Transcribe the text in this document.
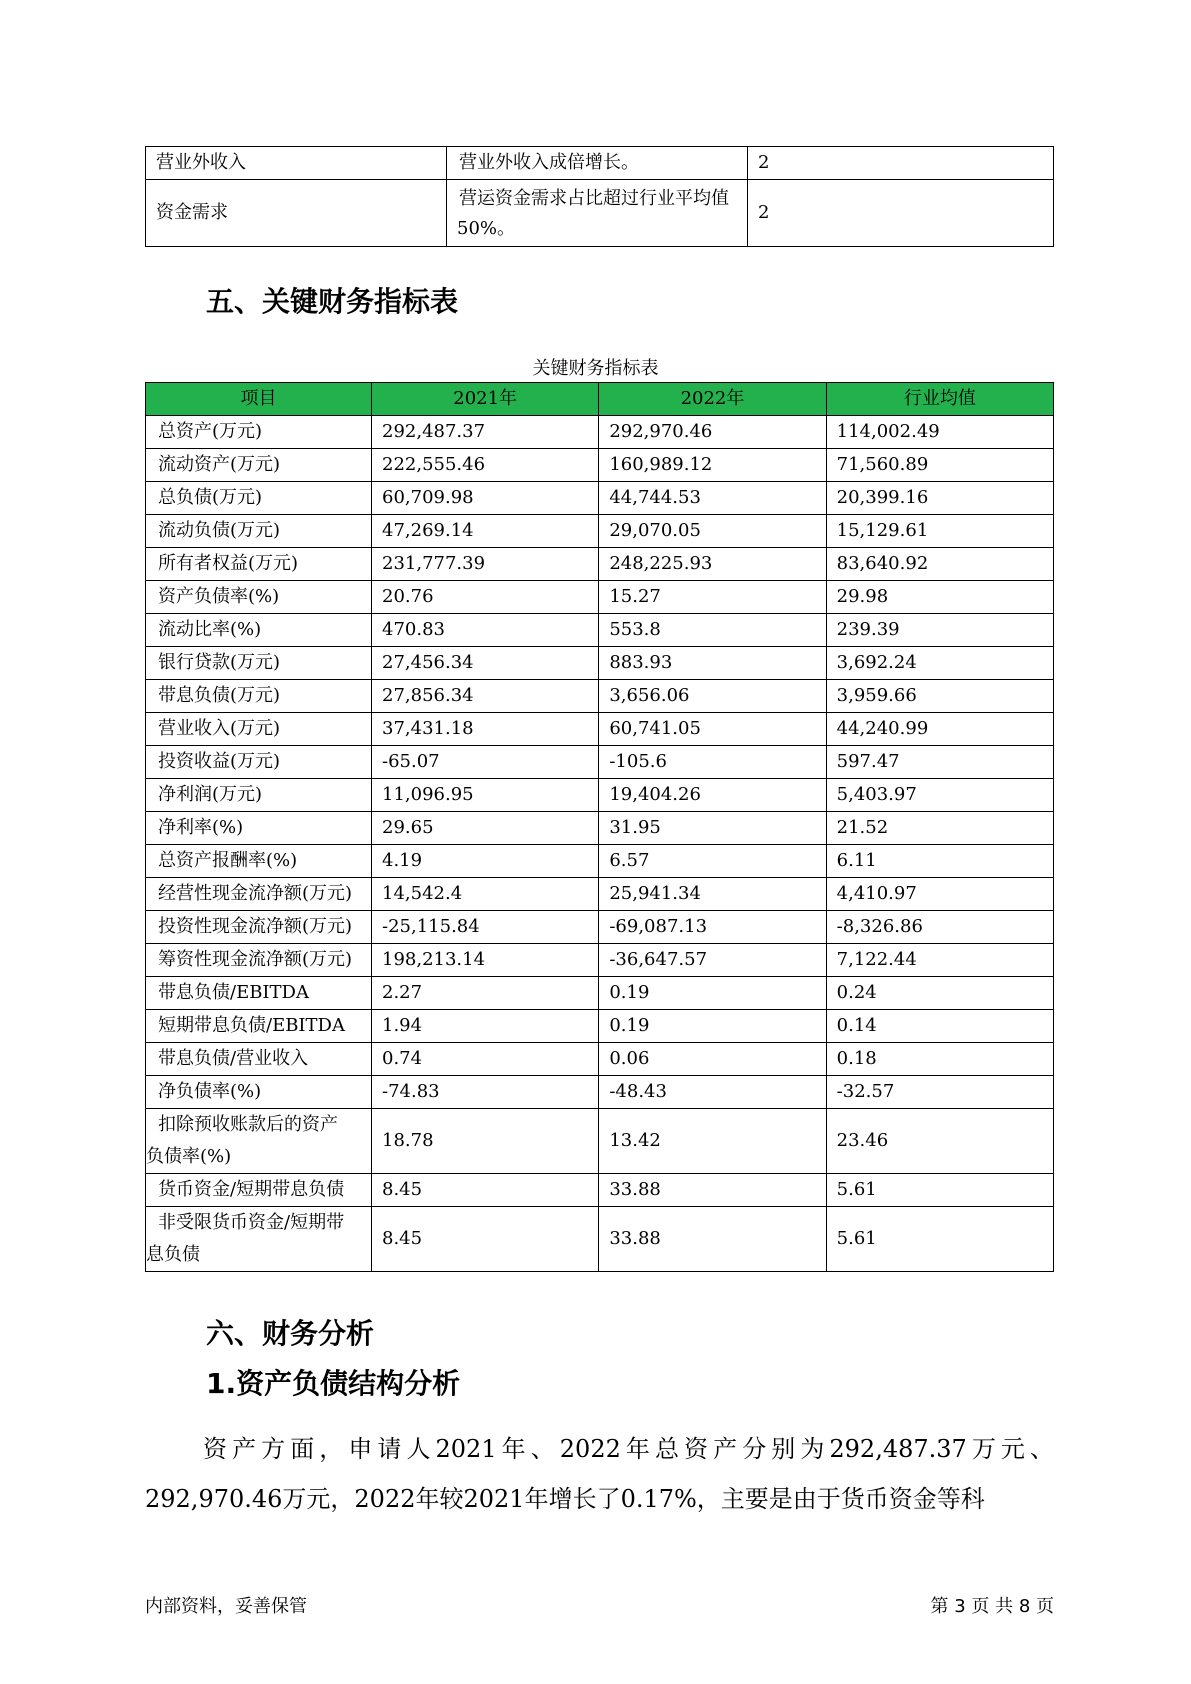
营业外收入	营业外收入成倍增长。	2
资金需求	营运资金需求占比超过行业平均值50%。	2
五、关键财务指标表
关键财务指标表
项目	2021年	2022年	行业均值
总资产(万元)	292,487.37	292,970.46	114,002.49
流动资产(万元)	222,555.46	160,989.12	71,560.89
总负债(万元)	60,709.98	44,744.53	20,399.16
流动负债(万元)	47,269.14	29,070.05	15,129.61
所有者权益(万元)	231,777.39	248,225.93	83,640.92
资产负债率(%)	20.76	15.27	29.98
流动比率(%)	470.83	553.8	239.39
银行贷款(万元)	27,456.34	883.93	3,692.24
带息负债(万元)	27,856.34	3,656.06	3,959.66
营业收入(万元)	37,431.18	60,741.05	44,240.99
投资收益(万元)	-65.07	-105.6	597.47
净利润(万元)	11,096.95	19,404.26	5,403.97
净利率(%)	29.65	31.95	21.52
总资产报酬率(%)	4.19	6.57	6.11
经营性现金流净额(万元)	14,542.4	25,941.34	4,410.97
投资性现金流净额(万元)	-25,115.84	-69,087.13	-8,326.86
筹资性现金流净额(万元)	198,213.14	-36,647.57	7,122.44
带息负债/EBITDA	2.27	0.19	0.24
短期带息负债/EBITDA	1.94	0.19	0.14
带息负债/营业收入	0.74	0.06	0.18
净负债率(%)	-74.83	-48.43	-32.57

扣除预收账款后的资产
负债率(%)	18.78	13.42	23.46
货币资金/短期带息负债	8.45	33.88	5.61

非受限货币资金/短期带
息负债	8.45	33.88	5.61
六、财务分析
1.资产负债结构分析

资产方面，申请人2021年、2022年总资产分别为292,487.37万元、292,970.46万元，2022年较2021年增长了0.17%，主要是由于货币资金等科

内部资料，妥善保管	第 3 页 共 8 页
